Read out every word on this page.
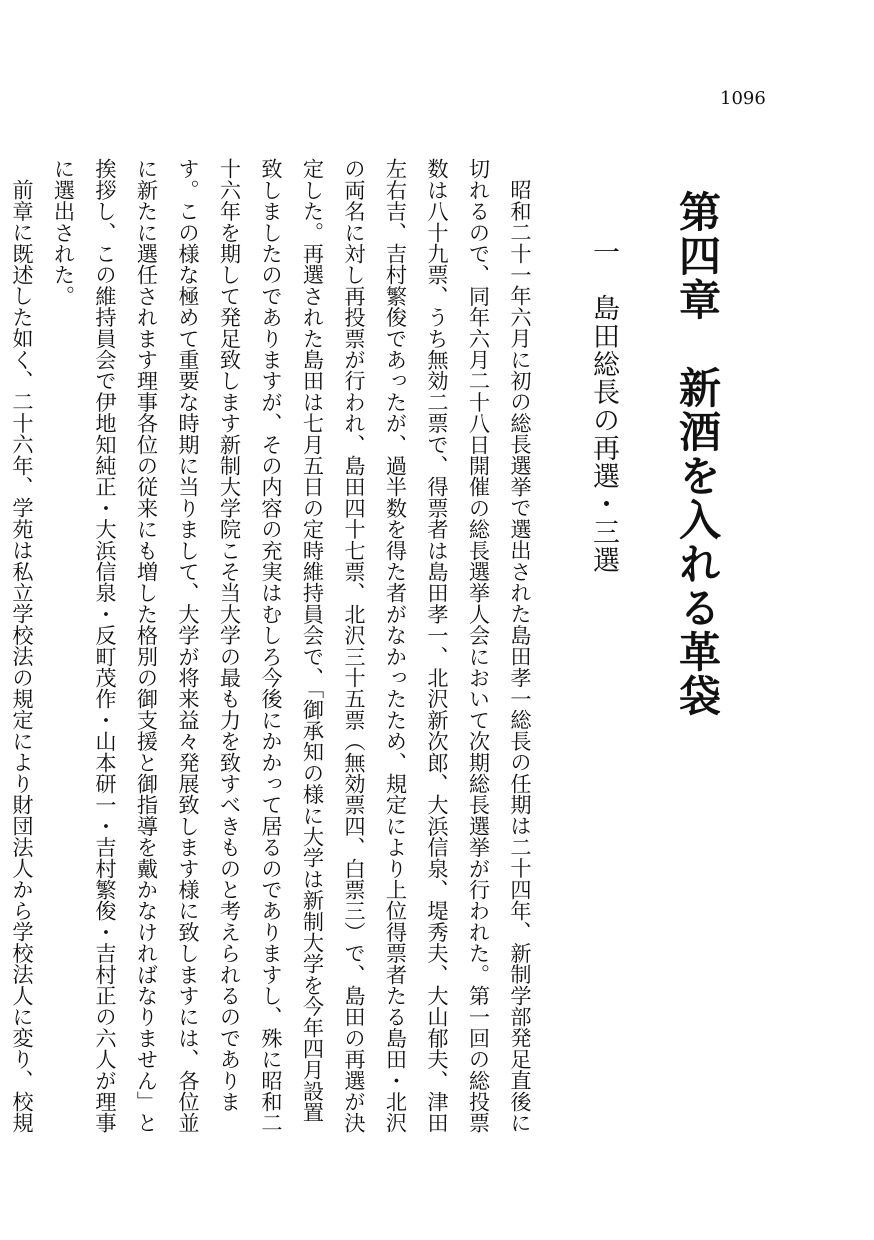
1096
第四章　新酒を入れる革袋
一　島田総長の再選・三選

昭和二十一年六月に初の総長選挙で選出された島田孝一総長の任期は二十四年、新制学部発足直後に切れるので、同年六月二十八日開催の総長選挙人会において次期総長選挙が行われた。第一回の総投票数は八十九票、うち無効二票で、得票者は島田孝一、北沢新次郎、大浜信泉、堤秀夫、大山郁夫、津田左右吉、吉村繁俊であったが、過半数を得た者がなかったため、規定により上位得票者たる島田・北沢の両名に対し再投票が行われ、島田四十七票、北沢三十五票（無効票四、白票三）で、島田の再選が決定した。再選された島田は七月五日の定時維持員会で、「御承知の様に大学は新制大学を今年四月設置致しましたのでありますが、その内容の充実はむしろ今後にかかって居るのでありますし、殊に昭和二十六年を期して発足致します新制大学院こそ当大学の最も力を致すべきものと考えられるのであります。この様な極めて重要な時期に当りまして、大学が将来益々発展致します様に致しますには、各位並に新たに選任されます理事各位の従来にも増した格別の御支援と御指導を戴かなければなりません」と挨拶し、この維持員会で伊地知純正・大浜信泉・反町茂作・山本研一・吉村繁俊・吉村正の六人が理事に選出された。

前章に既述した如く、二十六年、学苑は私立学校法の規定により財団法人から学校法人に変り、校規
